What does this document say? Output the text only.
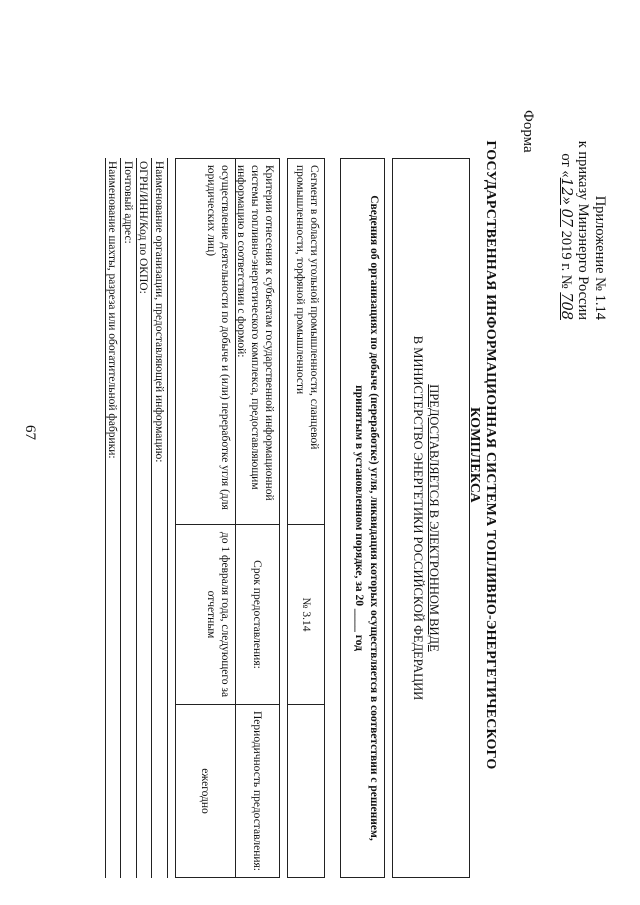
67
Приложение № 1.14
к приказу Минэнерго России
от «12» 07 2019 г. № 708
Форма
ГОСУДАРСТВЕННАЯ ИНФОРМАЦИОННАЯ СИСТЕМА ТОПЛИВНО-ЭНЕРГЕТИЧЕСКОГО КОМПЛЕКСА
ПРЕДОСТАВЛЯЕТСЯ В ЭЛЕКТРОННОМ ВИДЕ
В МИНИСТЕРСТВО ЭНЕРГЕТИКИ РОССИЙСКОЙ ФЕДЕРАЦИИ
Сведения об организациях по добыче (переработке) угля, ликвидация которых осуществляется в соответствии с решением, принятым в установленном порядке, за 20 ____ год
Сегмент в области угольной промышленности, сланцевой промышленности, торфяной промышленности
№ 3.14
Критерии отнесения к субъектам государственной информационной системы топливно-энергетического комплекса, предоставляющим информацию в соответствии с формой:
Срок предоставления:
Периодичность предоставления:
осуществление деятельности по добыче и (или) переработке угля (для юридических лиц)
до 1 февраля года, следующего за отчетным
ежегодно
Наименование организации, предоставляющей информацию:
ОГРН/ИНН/Код по ОКПО:
Почтовый адрес:
Наименование шахты, разреза или обогатительной фабрики:
